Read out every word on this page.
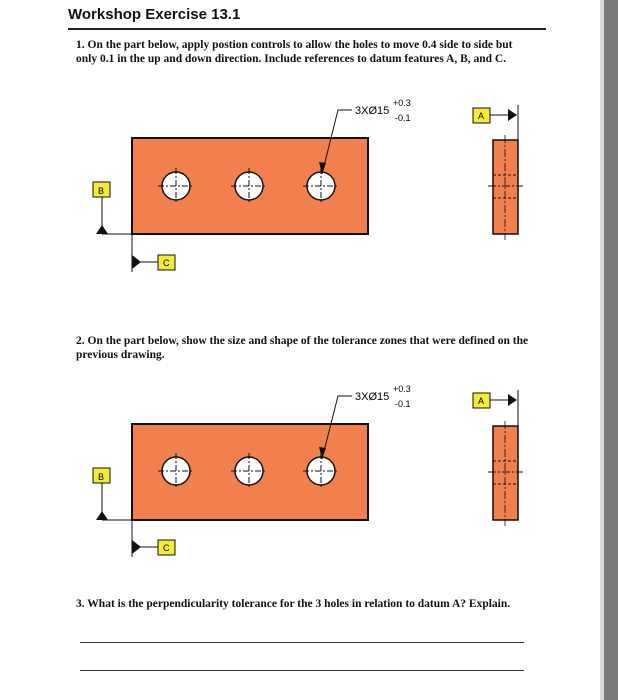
Workshop Exercise 13.1
1. On the part below, apply postion controls to allow the holes to move 0.4 side to side but
only 0.1 in the up and down direction. Include references to datum features A, B, and C.
2. On the part below, show the size and shape of the tolerance zones that were defined on the
previous drawing.
3. What is the perpendicularity tolerance for the 3 holes in relation to datum A? Explain.
3XØ15
+0.3
-0.1
B
C
A
3XØ15
+0.3
-0.1
B
C
A
